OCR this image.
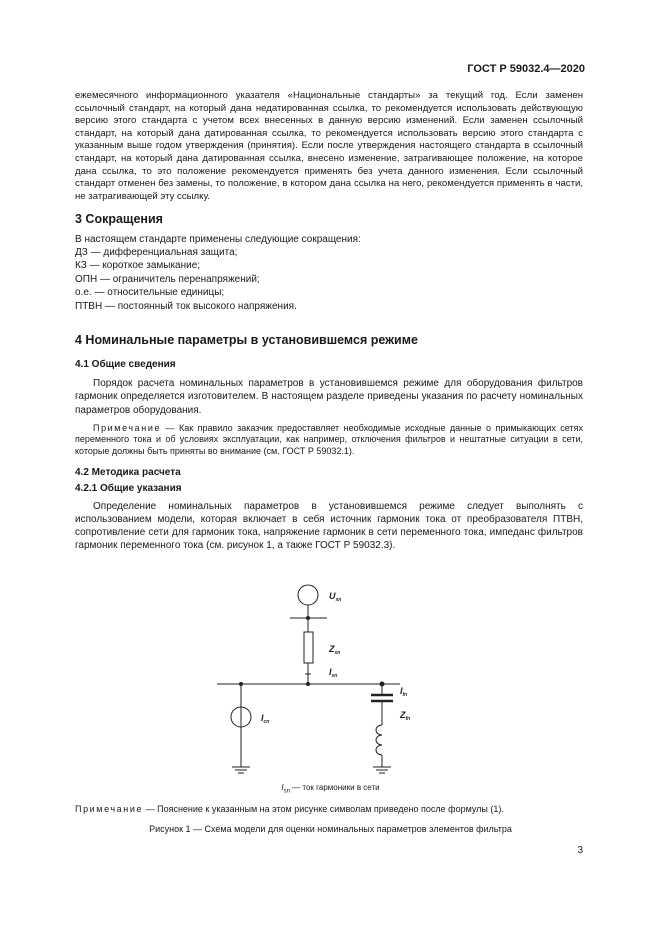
ГОСТ Р 59032.4—2020

ежемесячного информационного указателя «Национальные стандарты» за текущий год. Если заменен ссылочный стандарт, на который дана недатированная ссылка, то рекомендуется использовать действующую версию этого стандарта с учетом всех внесенных в данную версию изменений. Если заменен ссылочный стандарт, на который дана датированная ссылка, то рекомендуется использовать версию этого стандарта с указанным выше годом утверждения (принятия). Если после утверждения настоящего стандарта в ссылочный стандарт, на который дана датированная ссылка, внесено изменение, затрагивающее положение, на которое дана ссылка, то это положение рекомендуется применять без учета данного изменения. Если ссылочный стандарт отменен без замены, то положение, в котором дана ссылка на него, рекомендуется применять в части, не затрагивающей эту ссылку.

3 Сокращения

В настоящем стандарте применены следующие сокращения:

ДЗ — дифференциальная защита;

КЗ — короткое замыкание;

ОПН — ограничитель перенапряжений;

о.е. — относительные единицы;

ПТВН — постоянный ток высокого напряжения.

4 Номинальные параметры в установившемся режиме
4.1 Общие сведения

Порядок расчета номинальных параметров в установившемся режиме для оборудования фильтров гармоник определяется изготовителем. В настоящем разделе приведены указания по расчету номинальных параметров оборудования.

Примечание — Как правило заказчик предоставляет необходимые исходные данные о примыкающих сетях переменного тока и об условиях эксплуатации, как например, отключения фильтров и нештатные ситуации в сети, которые должны быть приняты во внимание (см. ГОСТ Р 59032.1).

4.2 Методика расчета
4.2.1 Общие указания

Определение номинальных параметров в установившемся режиме следует выполнять с использованием модели, которая включает в себя источник гармоник тока от преобразователя ПТВН, сопротивление сети для гармоник тока, напряжение гармоник в сети переменного тока, импеданс фильтров гармоник переменного тока (см. рисунок 1, а также ГОСТ Р 59032.3).

$U_{sn}$
$Z_{sn}$
$I_{sn}$
$I_{fn}$
$Z_{fn}$
$I_{cn}$
$I_{sn}$ — ток гармоники в сети

Примечание — Пояснение к указанным на этом рисунке символам приведено после формулы (1).

Рисунок 1 — Схема модели для оценки номинальных параметров элементов фильтра
3
